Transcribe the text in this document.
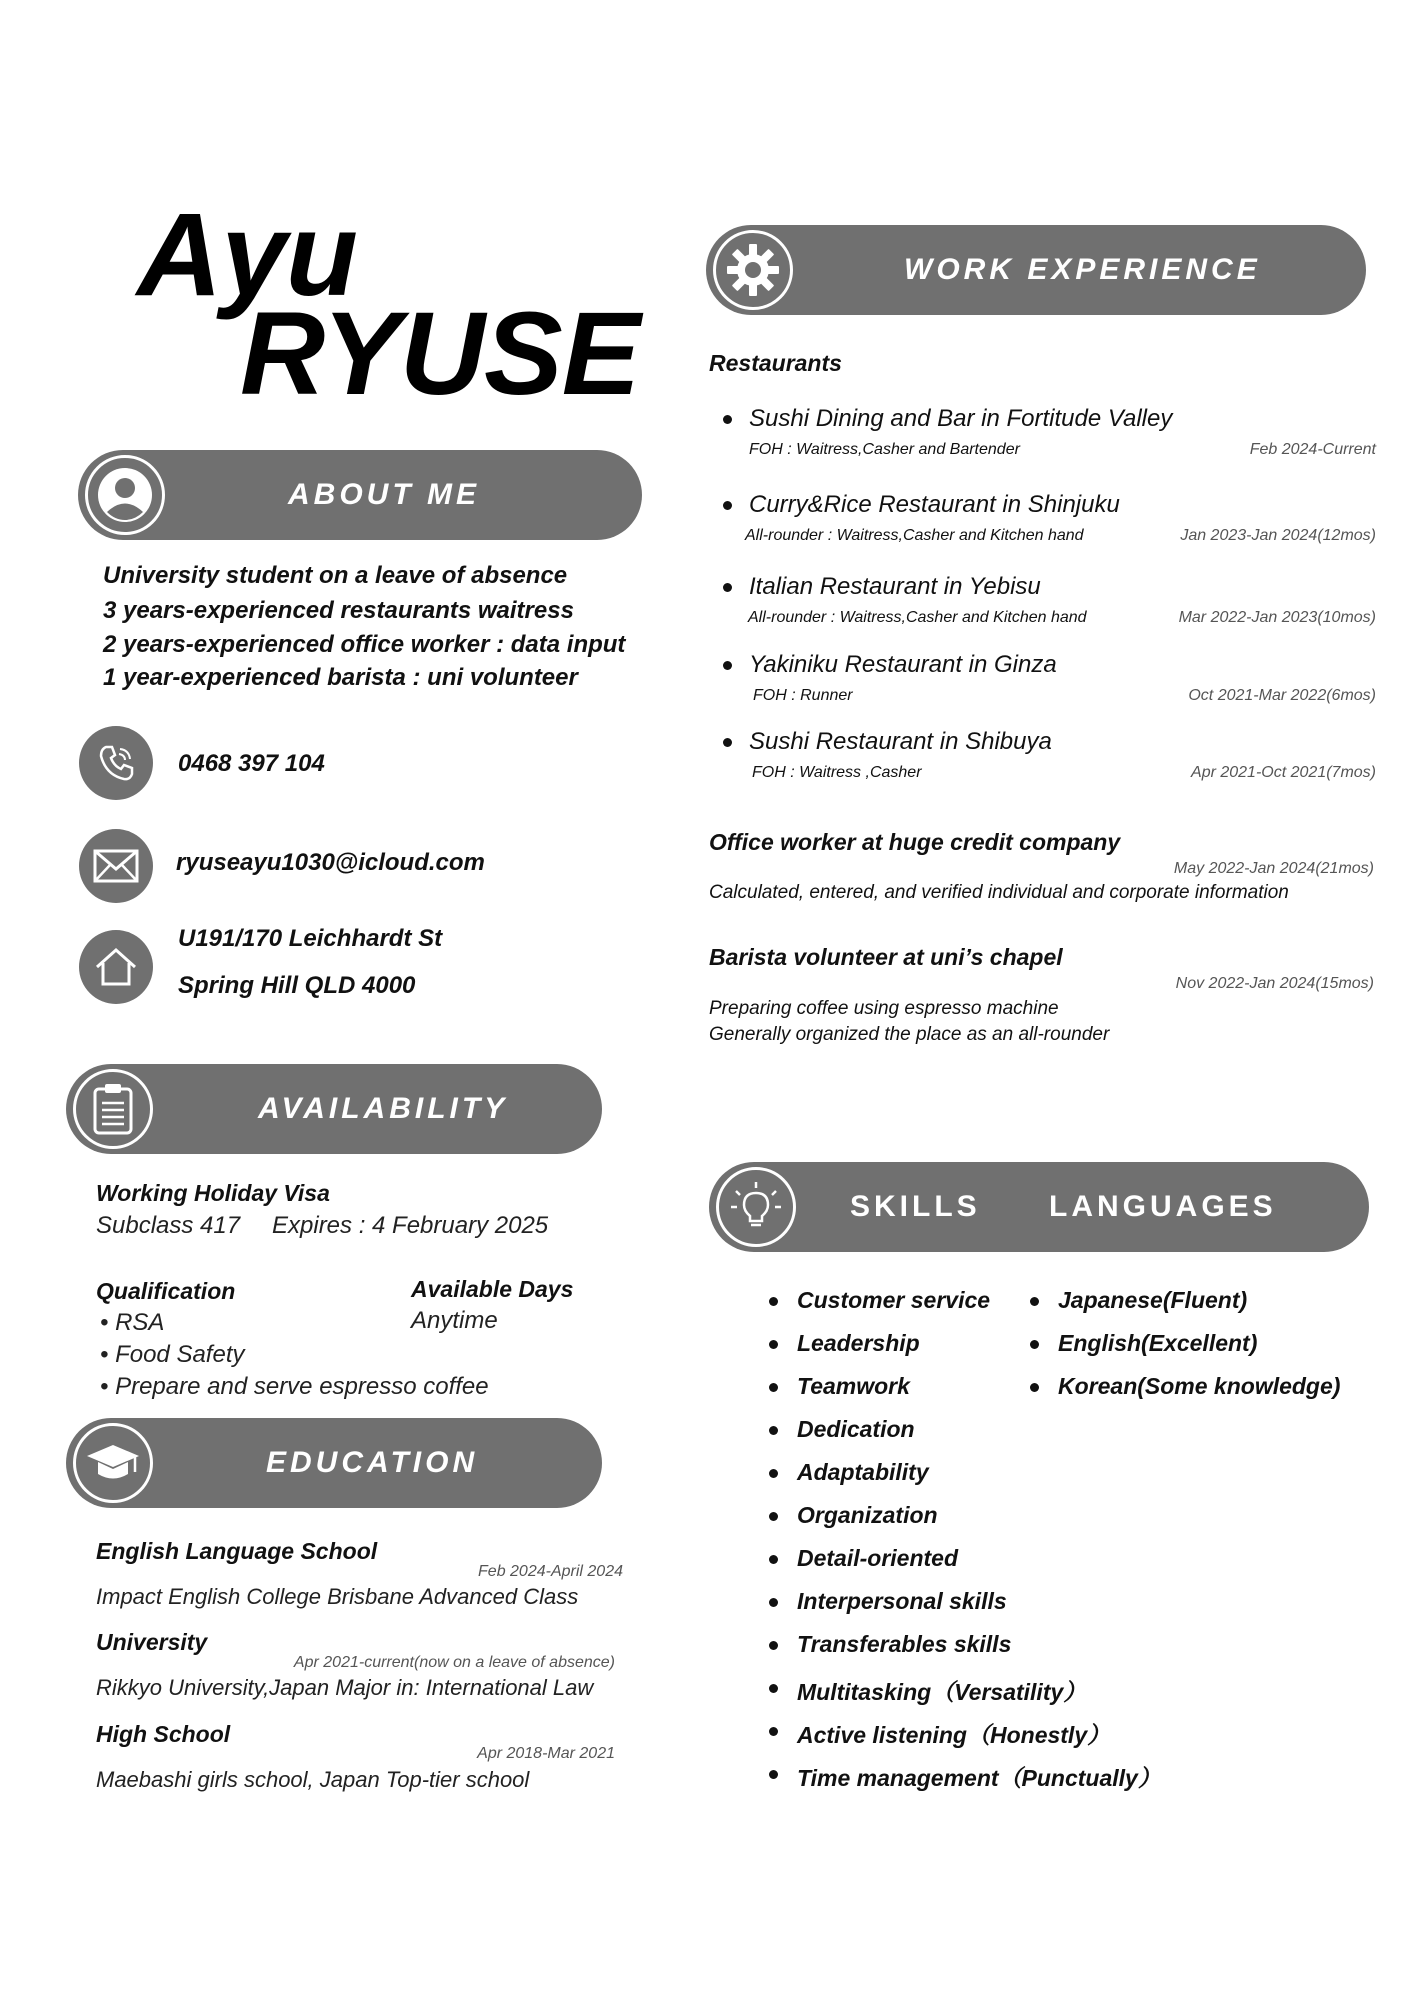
Ayu
RYUSE
ABOUT ME
University student on a leave of absence
3 years-experienced restaurants waitress
2 years-experienced office worker : data input
1 year-experienced barista : uni volunteer
0468 397 104
ryuseayu1030@icloud.com
U191/170 Leichhardt St
Spring Hill QLD 4000
AVAILABILITY
Working Holiday Visa
Subclass 417 Expires : 4 February 2025
Qualification
• RSA
• Food Safety
• Prepare and serve espresso coffee
Available Days
Anytime
EDUCATION
English Language School
Feb 2024-April 2024
Impact English College Brisbane Advanced Class
University
Apr 2021-current(now on a leave of absence)
Rikkyo University,Japan Major in: International Law
High School
Apr 2018-Mar 2021
Maebashi girls school, Japan Top-tier school
WORK EXPERIENCE
Restaurants
Sushi Dining and Bar in Fortitude Valley
FOH : Waitress,Casher and Bartender	Feb 2024-Current
Curry&Rice Restaurant in Shinjuku
All-rounder : Waitress,Casher and Kitchen hand	Jan 2023-Jan 2024(12mos)
Italian Restaurant in Yebisu
All-rounder : Waitress,Casher and Kitchen hand	Mar 2022-Jan 2023(10mos)
Yakiniku Restaurant in Ginza
FOH : Runner	Oct 2021-Mar 2022(6mos)
Sushi Restaurant in Shibuya
FOH : Waitress ,Casher	Apr 2021-Oct 2021(7mos)
Office worker at huge credit company
May 2022-Jan 2024(21mos)
Calculated, entered, and verified individual and corporate information
Barista volunteer at uni’s chapel
Nov 2022-Jan 2024(15mos)
Preparing coffee using espresso machine
Generally organized the place as an all-rounder
SKILLS LANGUAGES
Customer service
Leadership
Teamwork
Dedication
Adaptability
Organization
Detail-oriented
Interpersonal skills
Transferables skills
Multitasking（Versatility）
Active listening（Honestly）
Time management（Punctually）
Japanese(Fluent)
English(Excellent)
Korean(Some knowledge)
